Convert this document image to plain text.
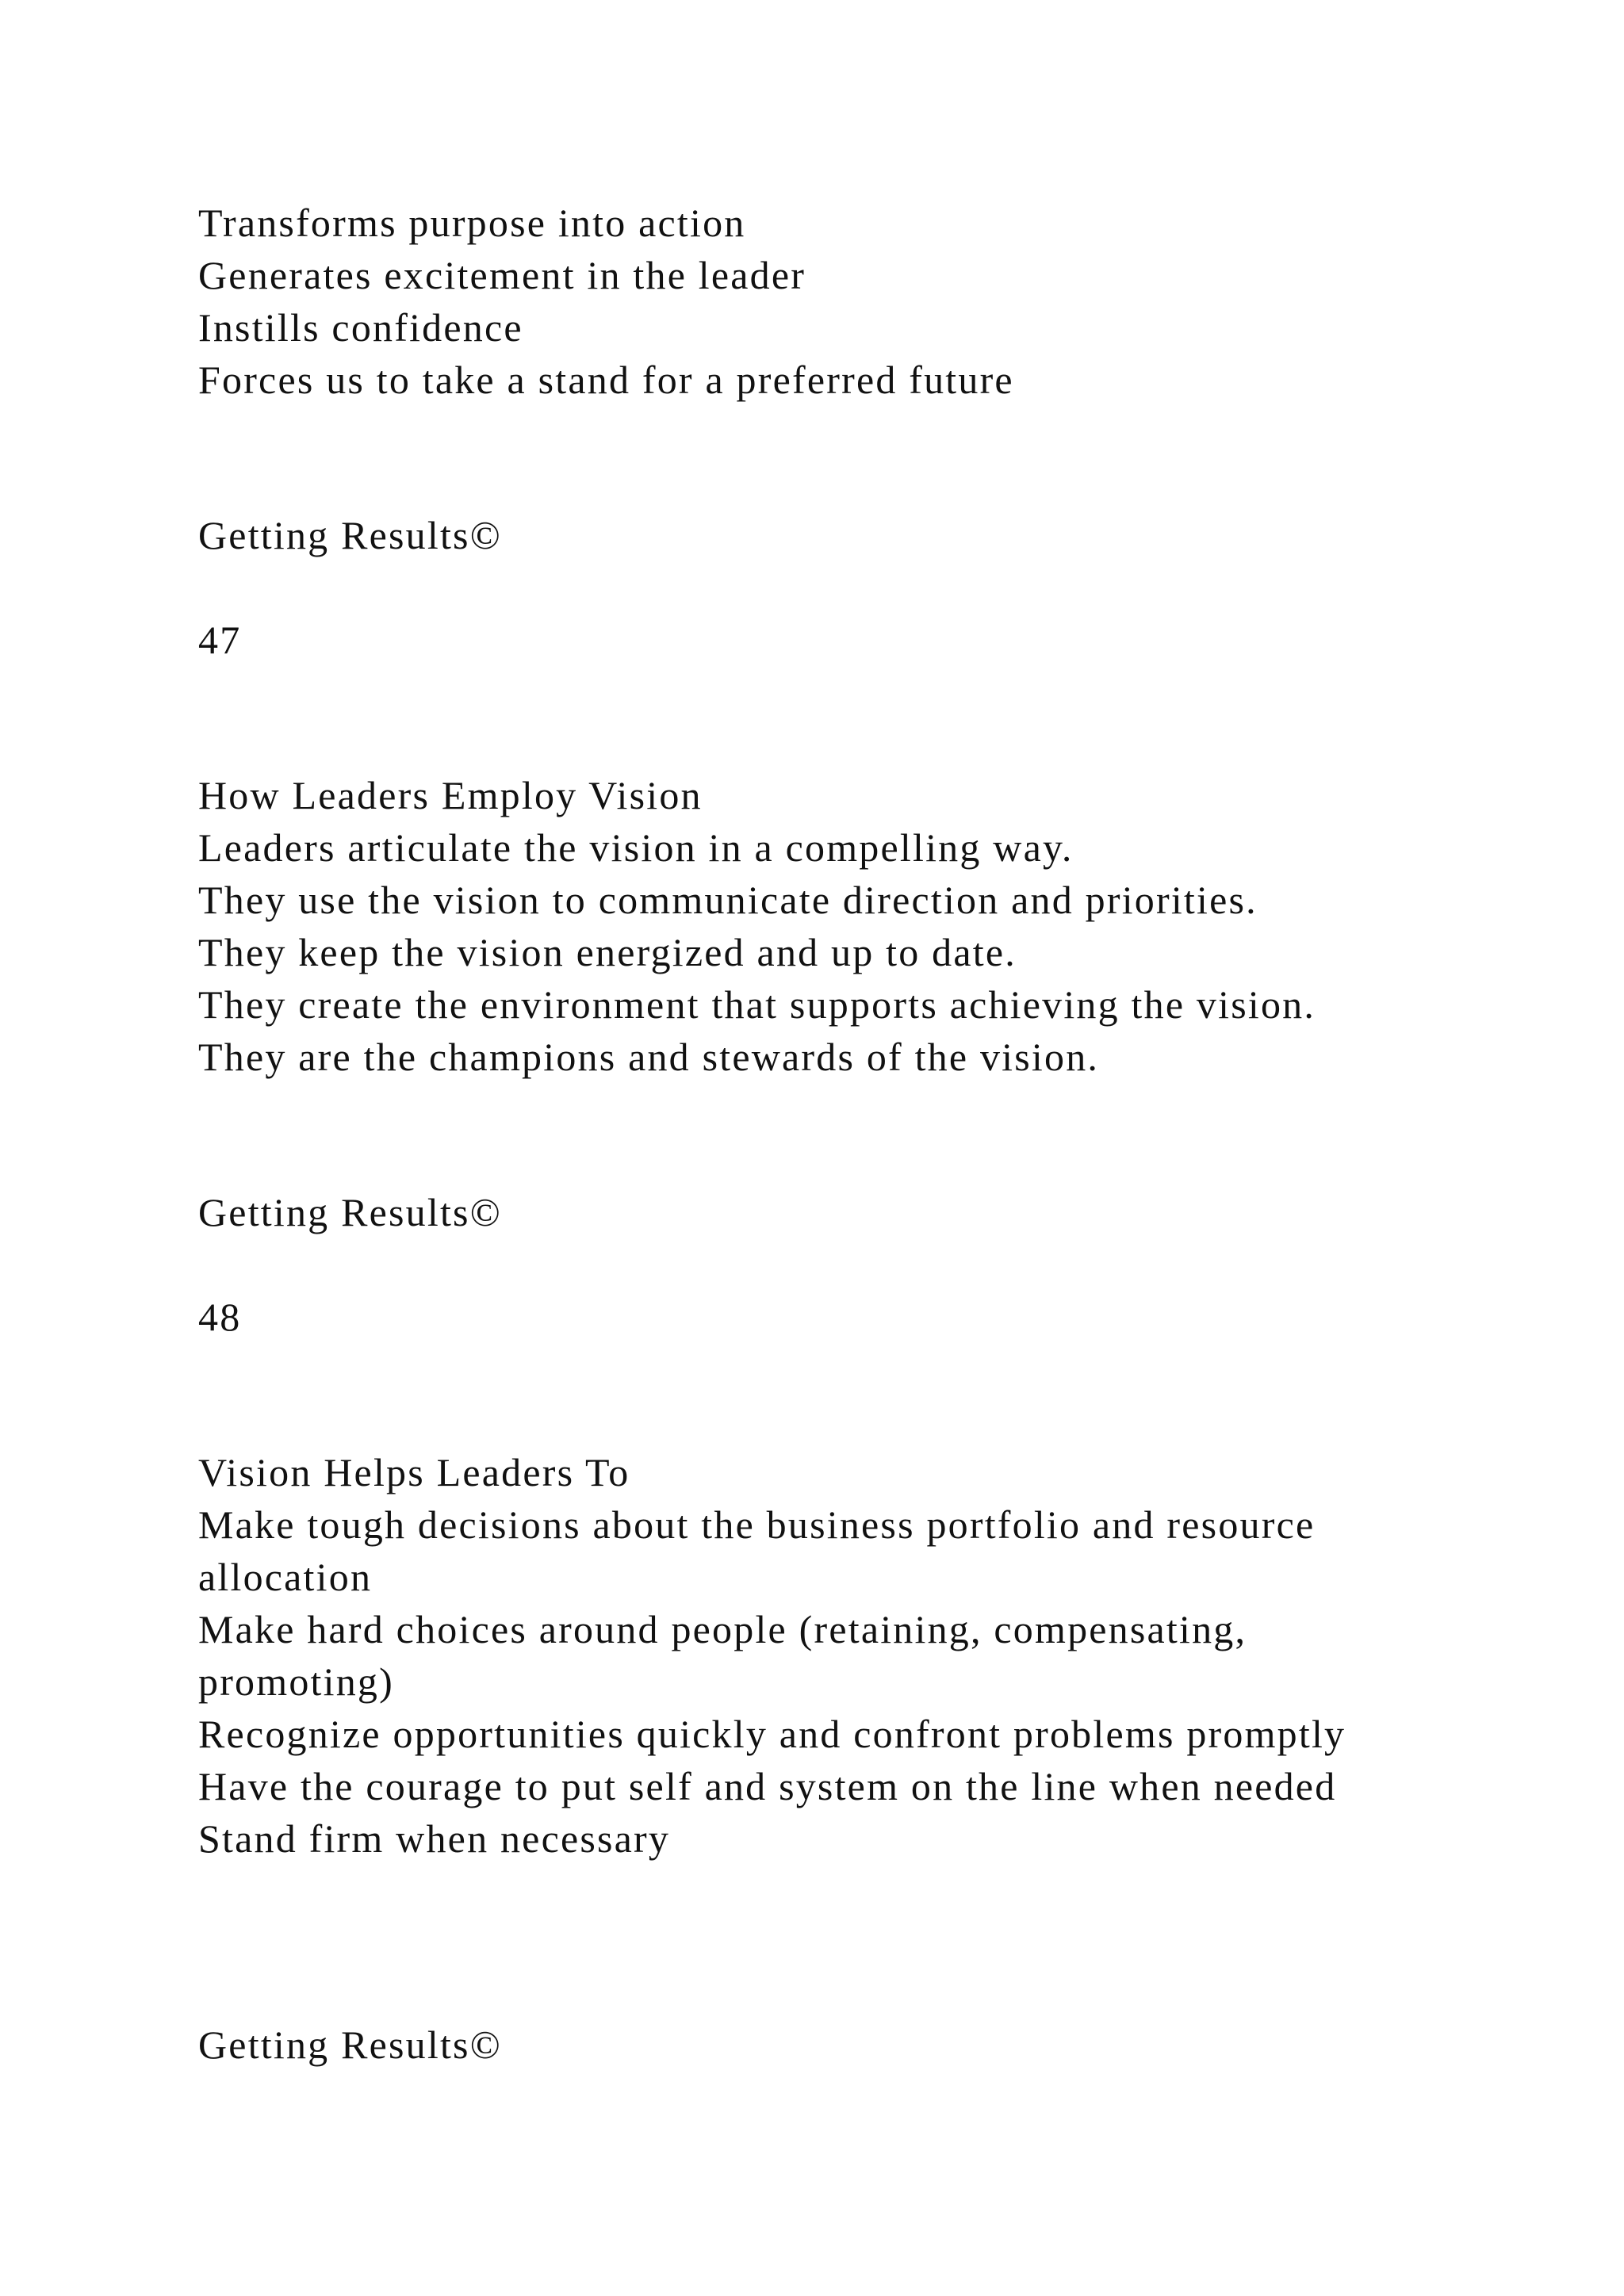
Transforms purpose into action
Generates excitement in the leader
Instills confidence
Forces us to take a stand for a preferred future
Getting Results©
47
How Leaders Employ Vision
Leaders articulate the vision in a compelling way.
They use the vision to communicate direction and priorities.
They keep the vision energized and up to date.
They create the environment that supports achieving the vision.
They are the champions and stewards of the vision.
Getting Results©
48
Vision Helps Leaders To
Make tough decisions about the business portfolio and resource allocation
Make hard choices around people (retaining, compensating, promoting)
Recognize opportunities quickly and confront problems promptly
Have the courage to put self and system on the line when needed
Stand firm when necessary
Getting Results©
